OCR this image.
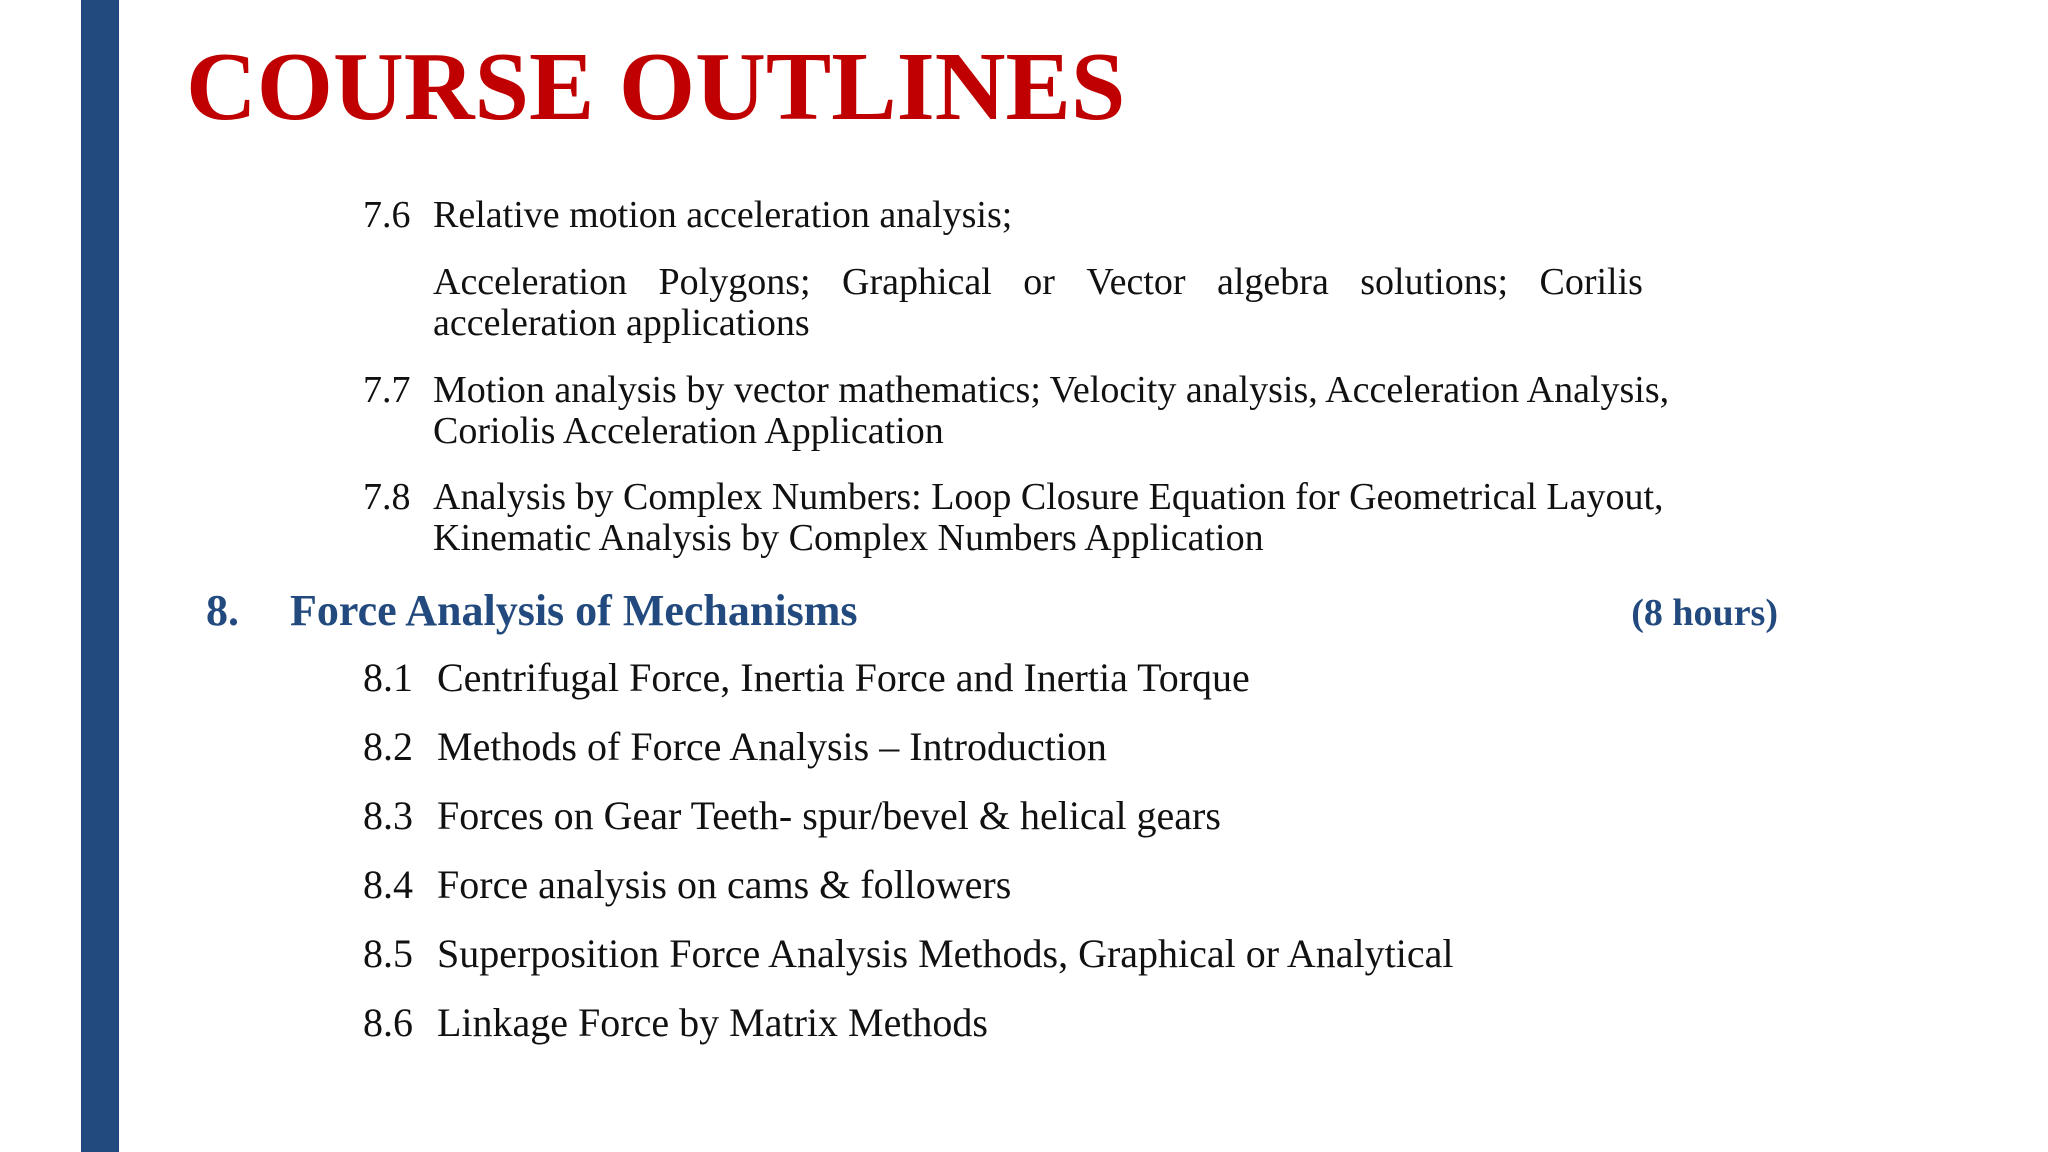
COURSE OUTLINES
7.6 Relative motion acceleration analysis;
Acceleration Polygons; Graphical or Vector algebra solutions; Corilis
acceleration applications
7.7 Motion analysis by vector mathematics; Velocity analysis, Acceleration Analysis,
Coriolis Acceleration Application
7.8 Analysis by Complex Numbers: Loop Closure Equation for Geometrical Layout,
Kinematic Analysis by Complex Numbers Application
8. Force Analysis of Mechanisms	(8 hours)
8.1 Centrifugal Force, Inertia Force and Inertia Torque
8.2 Methods of Force Analysis – Introduction
8.3 Forces on Gear Teeth- spur/bevel & helical gears
8.4 Force analysis on cams & followers
8.5 Superposition Force Analysis Methods, Graphical or Analytical
8.6 Linkage Force by Matrix Methods
